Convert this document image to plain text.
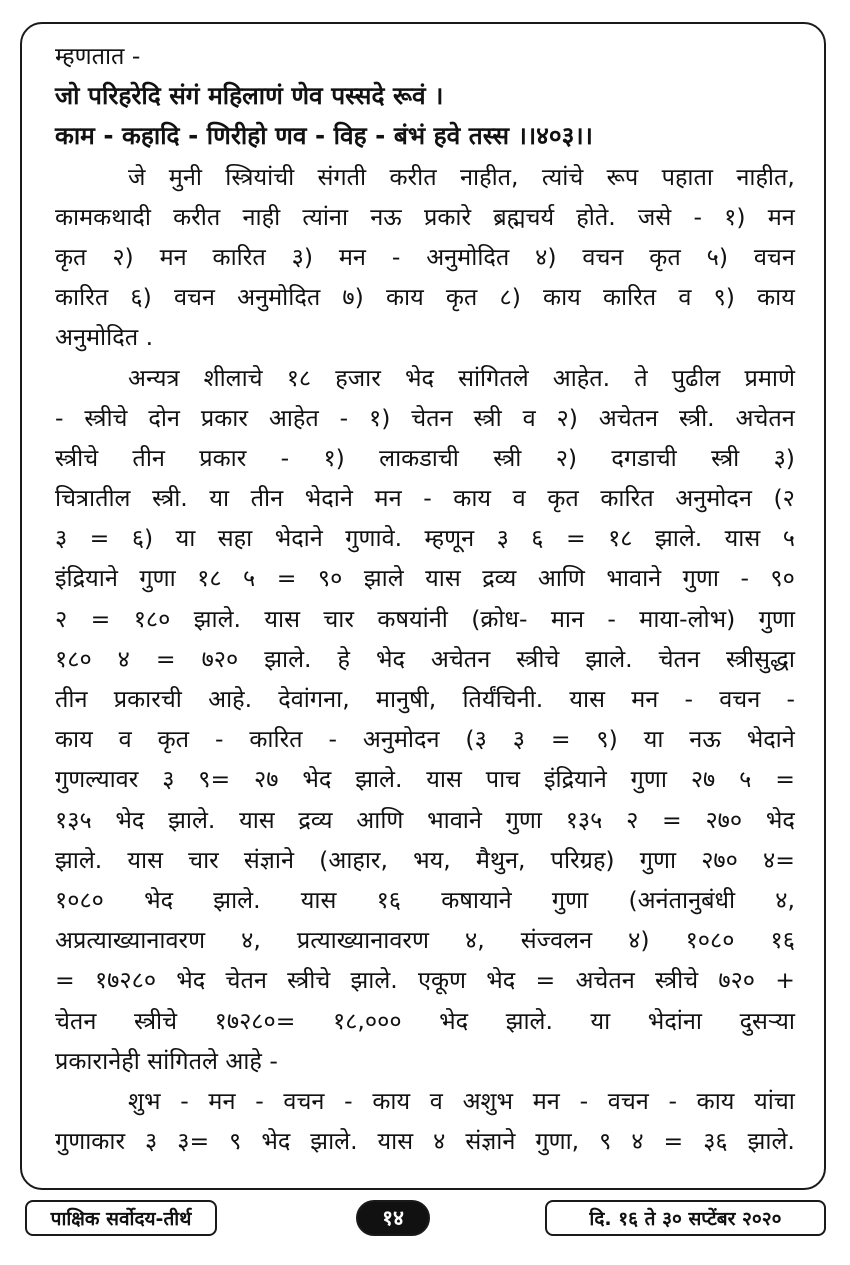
म्हणतात -
जो परिहरेदि संगं महिलाणं णेव पस्सदे रूवं ।
काम - कहादि - णिरीहो णव - विह - बंभं हवे तस्स ।।४०३।।
जे मुनी स्त्रियांची संगती करीत नाहीत, त्यांचे रूप पहाता नाहीत,
कामकथादी करीत नाही त्यांना नऊ प्रकारे ब्रह्मचर्य होते. जसे - १) मन
कृत २) मन कारित ३) मन - अनुमोदित ४) वचन कृत ५) वचन
कारित ६) वचन अनुमोदित ७) काय कृत ८) काय कारित व ९) काय
अनुमोदित .
अन्यत्र शीलाचे १८ हजार भेद सांगितले आहेत. ते पुढील प्रमाणे
- स्त्रीचे दोन प्रकार आहेत - १) चेतन स्त्री व २) अचेतन स्त्री. अचेतन
स्त्रीचे तीन प्रकार - १) लाकडाची स्त्री २) दगडाची स्त्री ३)
चित्रातील स्त्री. या तीन भेदाने मन - काय व कृत कारित अनुमोदन (२
३ = ६) या सहा भेदाने गुणावे. म्हणून ३ ६ = १८ झाले. यास ५
इंद्रियाने गुणा १८ ५ = ९० झाले यास द्रव्य आणि भावाने गुणा - ९०
२ = १८० झाले. यास चार कषयांनी (क्रोध- मान - माया-लोभ) गुणा
१८० ४ = ७२० झाले. हे भेद अचेतन स्त्रीचे झाले. चेतन स्त्रीसुद्धा
तीन प्रकारची आहे. देवांगना, मानुषी, तिर्यंचिनी. यास मन - वचन -
काय व कृत - कारित - अनुमोदन (३ ३ = ९) या नऊ भेदाने
गुणल्यावर ३ ९= २७ भेद झाले. यास पाच इंद्रियाने गुणा २७ ५ =
१३५ भेद झाले. यास द्रव्य आणि भावाने गुणा १३५ २ = २७० भेद
झाले. यास चार संज्ञाने (आहार, भय, मैथुन, परिग्रह) गुणा २७० ४=
१०८० भेद झाले. यास १६ कषायाने गुणा (अनंतानुबंधी ४,
अप्रत्याख्यानावरण ४, प्रत्याख्यानावरण ४, संज्वलन ४) १०८० १६
= १७२८० भेद चेतन स्त्रीचे झाले. एकूण भेद = अचेतन स्त्रीचे ७२० +
चेतन स्त्रीचे १७२८०= १८,००० भेद झाले. या भेदांना दुसऱ्या
प्रकारानेही सांगितले आहे -
शुभ - मन - वचन - काय व अशुभ मन - वचन - काय यांचा
गुणाकार ३ ३= ९ भेद झाले. यास ४ संज्ञाने गुणा, ९ ४ = ३६ झाले.
पाक्षिक सर्वोदय-तीर्थ	१४	दि. १६ ते ३० सप्टेंबर २०२०
